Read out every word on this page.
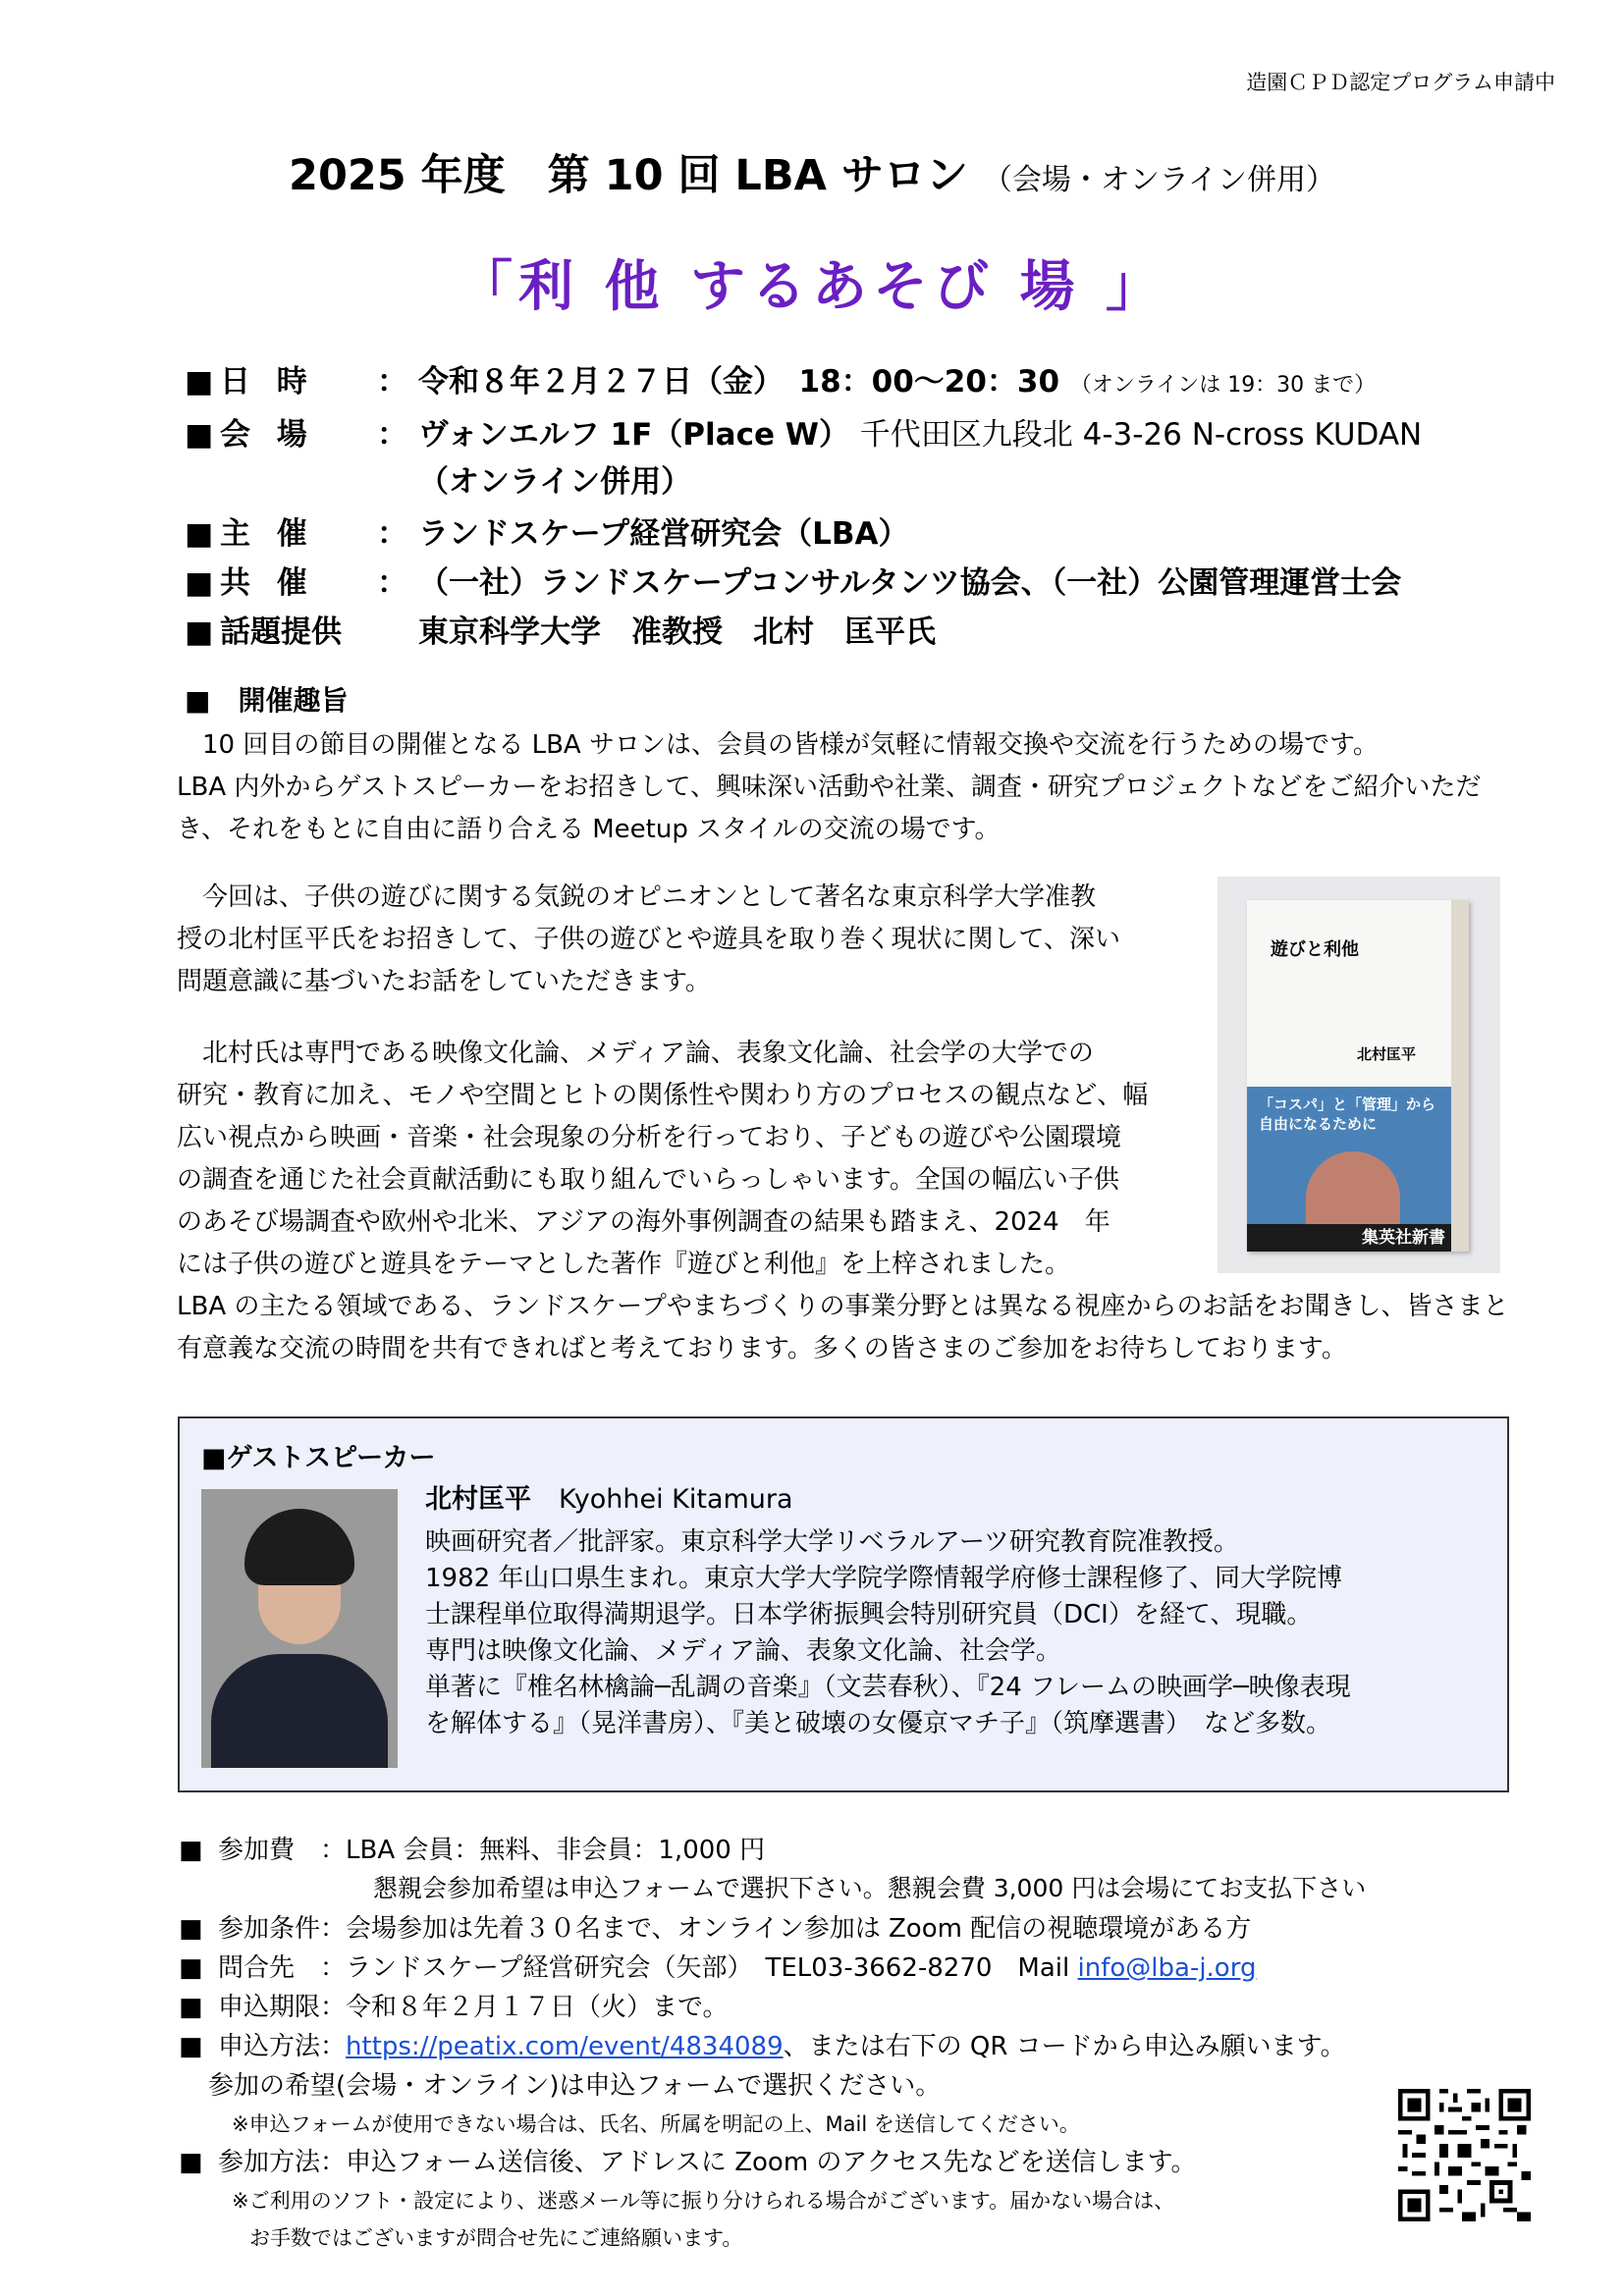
造園ＣＰＤ認定プログラム申請中
2025 年度　第 10 回 LBA サロン （会場・オンライン併用）
「利 他 するあそび 場 」
■ 日 時 ： 令和８年２月２７日（金）　18：00〜20：30 （オンラインは 19：30 まで）
■ 会 場 ： ヴォンエルフ 1F（Place W） 千代田区九段北 4-3-26 N-cross KUDAN
（オンライン併用）
■ 主 催 ： ランドスケープ経営研究会（LBA）
■ 共 催 ： （一社）ランドスケープコンサルタンツ協会、（一社）公園管理運営士会
■ 話題提供	東京科学大学　准教授　北村　匡平氏
■　開催趣旨
　10 回目の節目の開催となる LBA サロンは、会員の皆様が気軽に情報交換や交流を行うための場です。
LBA 内外からゲストスピーカーをお招きして、興味深い活動や社業、調査・研究プロジェクトなどをご紹介いただ
き、それをもとに自由に語り合える Meetup スタイルの交流の場です。
　今回は、子供の遊びに関する気鋭のオピニオンとして著名な東京科学大学准教
授の北村匡平氏をお招きして、子供の遊びとや遊具を取り巻く現状に関して、深い
問題意識に基づいたお話をしていただきます。
　北村氏は専門である映像文化論、メディア論、表象文化論、社会学の大学での
研究・教育に加え、モノや空間とヒトの関係性や関わり方のプロセスの観点など、幅
広い視点から映画・音楽・社会現象の分析を行っており、子どもの遊びや公園環境
の調査を通じた社会貢献活動にも取り組んでいらっしゃいます。全国の幅広い子供
のあそび場調査や欧州や北米、アジアの海外事例調査の結果も踏まえ、2024　年
には子供の遊びと遊具をテーマとした著作『遊びと利他』を上梓されました。
LBA の主たる領域である、ランドスケープやまちづくりの事業分野とは異なる視座からのお話をお聞きし、皆さまと
有意義な交流の時間を共有できればと考えております。多くの皆さまのご参加をお待ちしております。
遊びと利他
北村匡平
「コスパ」と「管理」から 自由になるために
集英社新書
■ゲストスピーカー
北村匡平 Kyohhei Kitamura
映画研究者／批評家。東京科学大学リベラルアーツ研究教育院准教授。
1982 年山口県生まれ。東京大学大学院学際情報学府修士課程修了、同大学院博
士課程単位取得満期退学。日本学術振興会特別研究員（DCI）を経て、現職。
専門は映像文化論、メディア論、表象文化論、社会学。
単著に『椎名林檎論─乱調の音楽』（文芸春秋）、『24 フレームの映画学─映像表現
を解体する』（晃洋書房）、『美と破壊の女優京マチ子』（筑摩選書）　など多数。
■ 参加費　：LBA 会員：無料、非会員：1,000 円
懇親会参加希望は申込フォームで選択下さい。懇親会費 3,000 円は会場にてお支払下さい
■ 参加条件：会場参加は先着３０名まで、オンライン参加は Zoom 配信の視聴環境がある方
■ 問合先　：ランドスケープ経営研究会（矢部）　TEL03-3662-8270　Mail info@lba-j.org
■ 申込期限：令和８年２月１７日（火）まで。
■ 申込方法：https://peatix.com/event/4834089、または右下の QR コードから申込み願います。
参加の希望(会場・オンライン)は申込フォームで選択ください。
※申込フォームが使用できない場合は、氏名、所属を明記の上、Mail を送信してください。
■ 参加方法：申込フォーム送信後、アドレスに Zoom のアクセス先などを送信します。
※ご利用のソフト・設定により、迷惑メール等に振り分けられる場合がございます。届かない場合は、
お手数ではございますが問合せ先にご連絡願います。
